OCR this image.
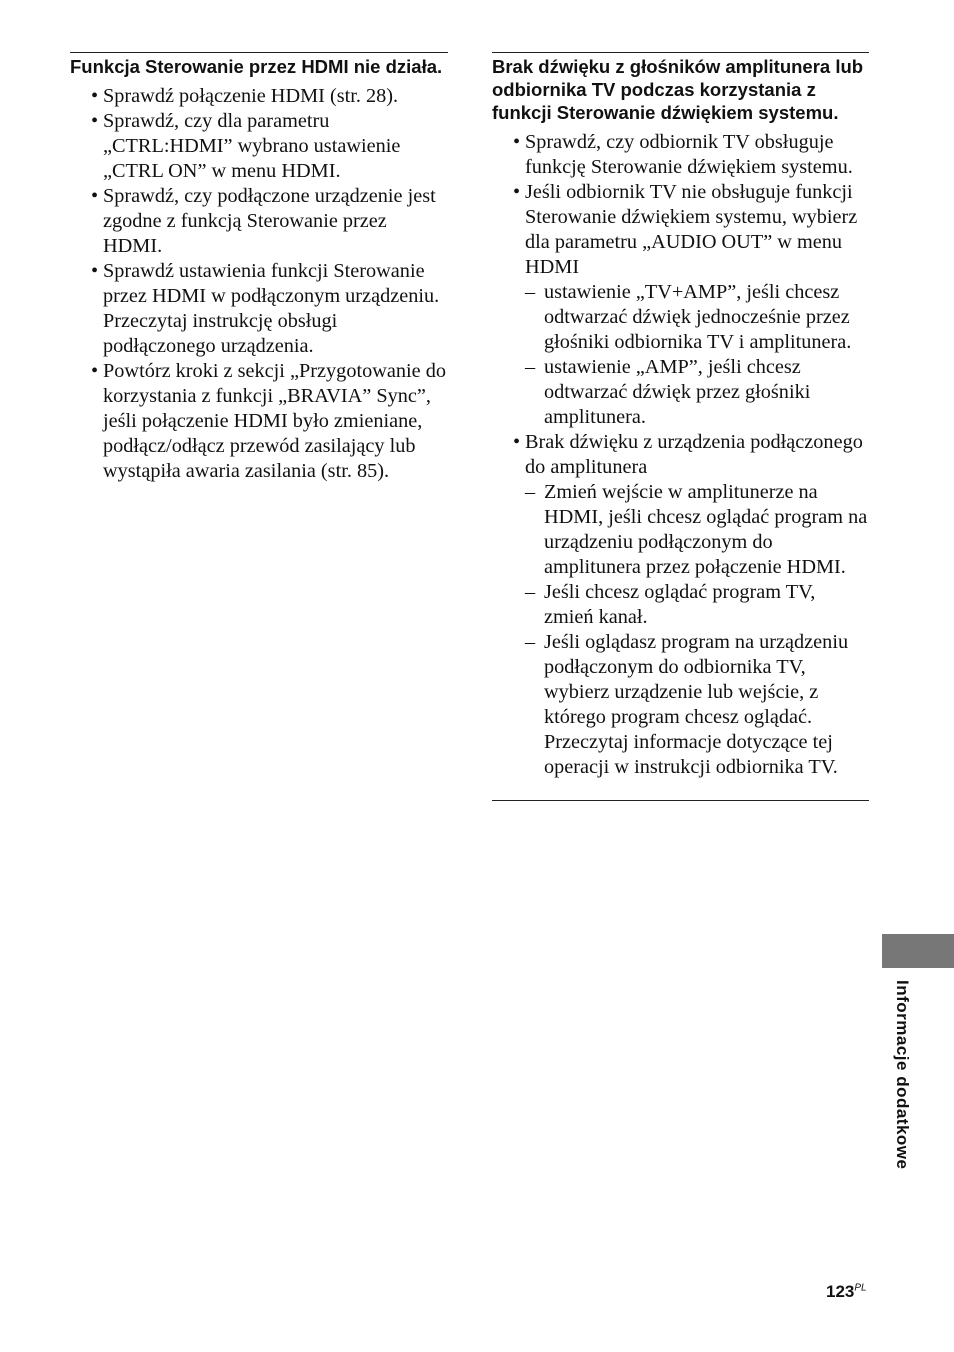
Funkcja Sterowanie przez HDMI nie działa.
• Sprawdź połączenie HDMI (str. 28).
• Sprawdź, czy dla parametru „CTRL:HDMI” wybrano ustawienie „CTRL ON” w menu HDMI.
• Sprawdź, czy podłączone urządzenie jest zgodne z funkcją Sterowanie przez HDMI.
• Sprawdź ustawienia funkcji Sterowanie przez HDMI w podłączonym urządzeniu. Przeczytaj instrukcję obsługi podłączonego urządzenia.
• Powtórz kroki z sekcji „Przygotowanie do korzystania z funkcji „BRAVIA” Sync”, jeśli połączenie HDMI było zmieniane, podłącz/odłącz przewód zasilający lub wystąpiła awaria zasilania (str. 85).
Brak dźwięku z głośników amplitunera lub odbiornika TV podczas korzystania z funkcji Sterowanie dźwiękiem systemu.
• Sprawdź, czy odbiornik TV obsługuje funkcję Sterowanie dźwiękiem systemu.
• Jeśli odbiornik TV nie obsługuje funkcji Sterowanie dźwiękiem systemu, wybierz dla parametru „AUDIO OUT” w menu HDMI
– ustawienie „TV+AMP”, jeśli chcesz odtwarzać dźwięk jednocześnie przez głośniki odbiornika TV i amplitunera.
– ustawienie „AMP”, jeśli chcesz odtwarzać dźwięk przez głośniki amplitunera.
• Brak dźwięku z urządzenia podłączonego do amplitunera
– Zmień wejście w amplitunerze na HDMI, jeśli chcesz oglądać program na urządzeniu podłączonym do amplitunera przez połączenie HDMI.
– Jeśli chcesz oglądać program TV, zmień kanał.
– Jeśli oglądasz program na urządzeniu podłączonym do odbiornika TV, wybierz urządzenie lub wejście, z którego program chcesz oglądać. Przeczytaj informacje dotyczące tej operacji w instrukcji odbiornika TV.
Informacje dodatkowe
$123^{PL}$
